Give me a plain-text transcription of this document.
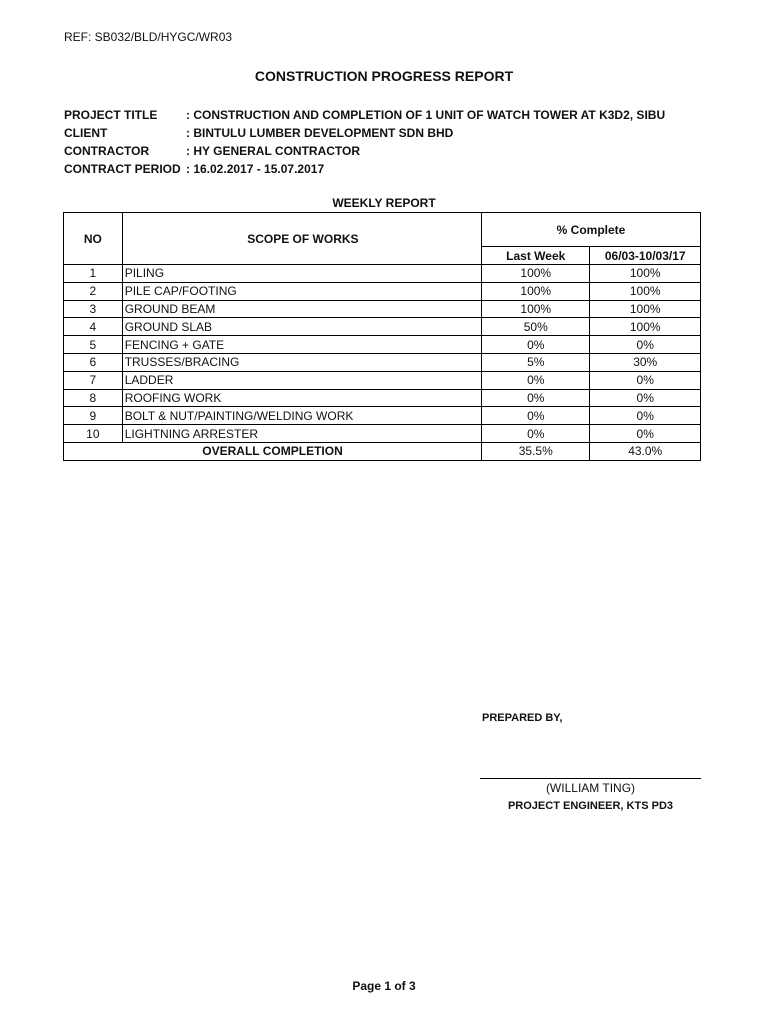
REF: SB032/BLD/HYGC/WR03
CONSTRUCTION PROGRESS REPORT
PROJECT TITLE	: CONSTRUCTION AND COMPLETION OF 1 UNIT OF WATCH TOWER AT K3D2, SIBU
CLIENT	: BINTULU LUMBER DEVELOPMENT SDN BHD
CONTRACTOR	: HY GENERAL CONTRACTOR
CONTRACT PERIOD : 16.02.2017 - 15.07.2017
WEEKLY REPORT
NO	SCOPE OF WORKS	% Complete	
		Last Week	06/03-10/03/17
1	PILING	100%	100%
2	PILE CAP/FOOTING	100%	100%
3	GROUND BEAM	100%	100%
4	GROUND SLAB	50%	100%
5	FENCING + GATE	0%	0%
6	TRUSSES/BRACING	5%	30%
7	LADDER	0%	0%
8	ROOFING WORK	0%	0%
9	BOLT & NUT/PAINTING/WELDING WORK	0%	0%
10	LIGHTNING ARRESTER	0%	0%
OVERALL COMPLETION		35.5%	43.0%
PREPARED BY,
(WILLIAM TING)
PROJECT ENGINEER, KTS PD3
Page 1 of 3
